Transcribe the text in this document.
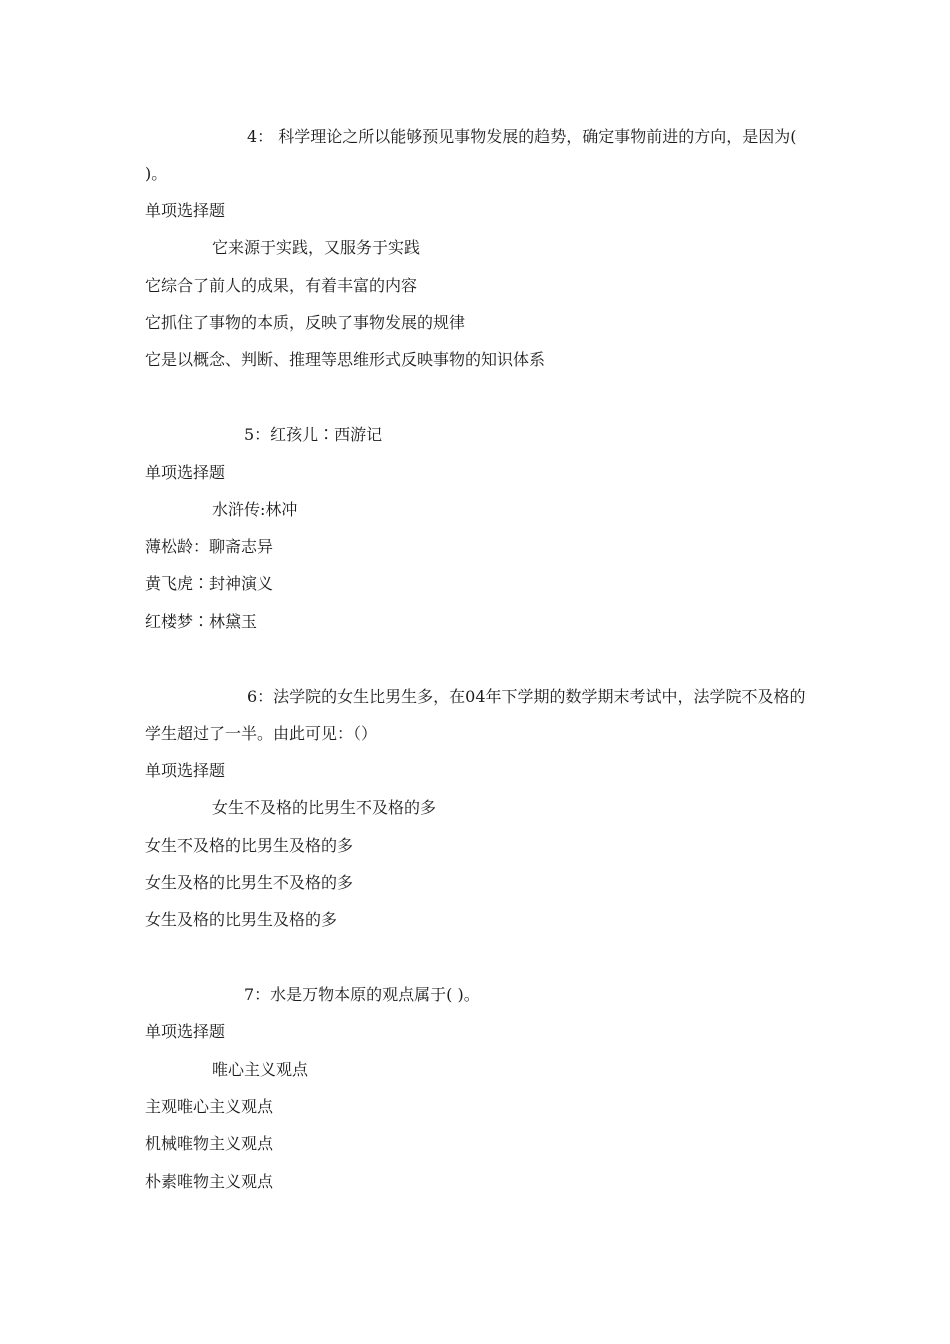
4： 科学理论之所以能够预见事物发展的趋势，确定事物前进的方向，是因为( )。
单项选择题
它来源于实践，又服务于实践
它综合了前人的成果，有着丰富的内容
它抓住了事物的本质，反映了事物发展的规律
它是以概念、判断、推理等思维形式反映事物的知识体系
5：红孩儿∶西游记
单项选择题
水浒传:林冲
薄松龄：聊斋志异
黄飞虎∶封神演义
红楼梦∶林黛玉
6：法学院的女生比男生多，在04年下学期的数学期末考试中，法学院不及格的学生超过了一半。由此可见：（）
单项选择题
女生不及格的比男生不及格的多
女生不及格的比男生及格的多
女生及格的比男生不及格的多
女生及格的比男生及格的多
7：水是万物本原的观点属于( )。
单项选择题
唯心主义观点
主观唯心主义观点
机械唯物主义观点
朴素唯物主义观点
